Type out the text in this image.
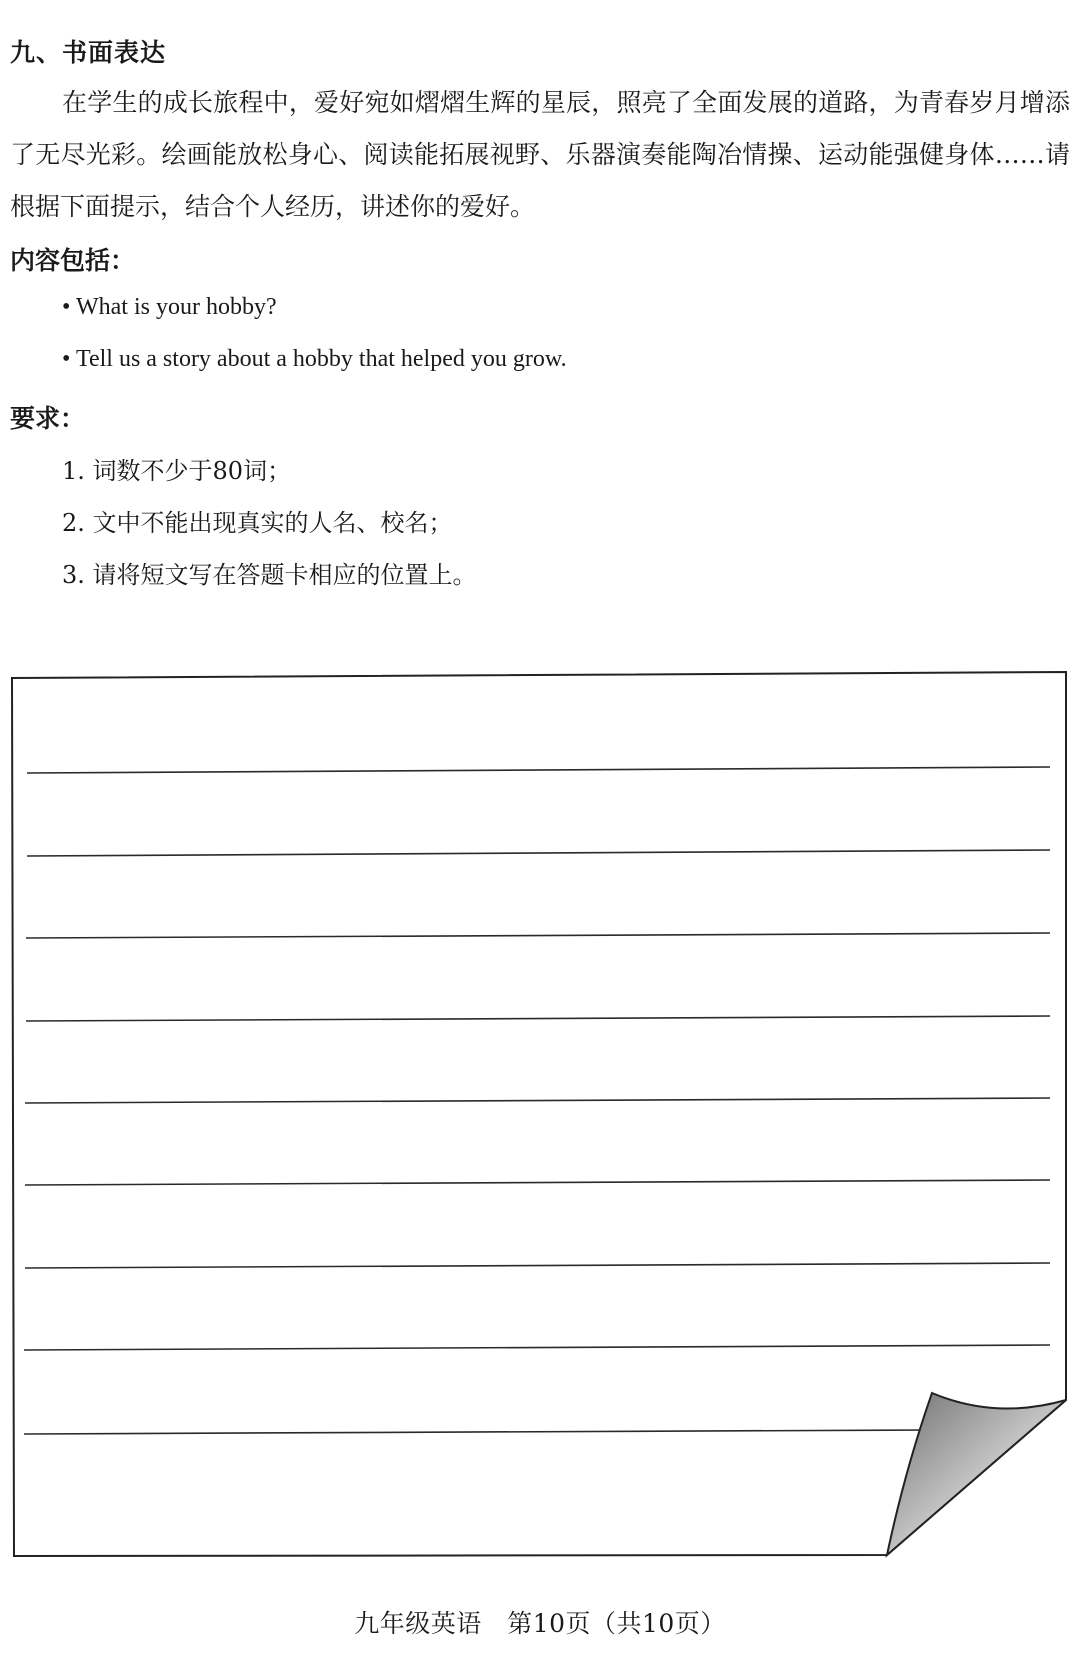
九、书面表达
在学生的成长旅程中，爱好宛如熠熠生辉的星辰，照亮了全面发展的道路，为青春岁月增添了无尽光彩。绘画能放松身心、阅读能拓展视野、乐器演奏能陶冶情操、运动能强健身体……请根据下面提示，结合个人经历，讲述你的爱好。
内容包括：
• What is your hobby?
• Tell us a story about a hobby that helped you grow.
要求：
1. 词数不少于80词；
2. 文中不能出现真实的人名、校名；
3. 请将短文写在答题卡相应的位置上。
九年级英语　第10页（共10页）
